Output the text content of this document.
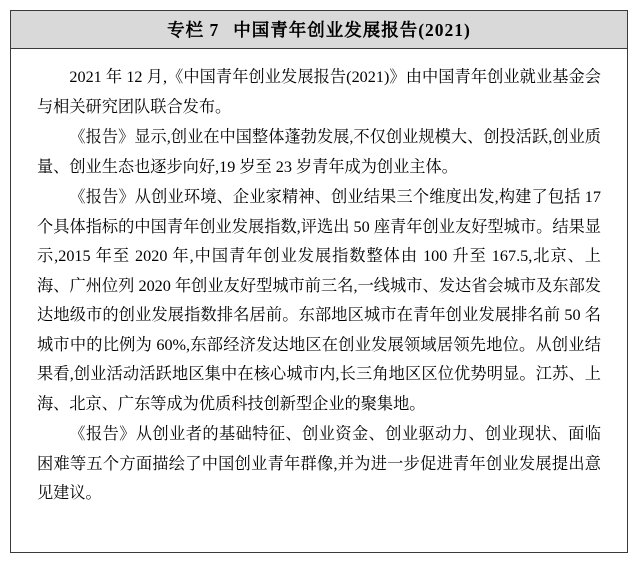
专栏 7 中国青年创业发展报告(2021)

2021 年 12 月,《中国青年创业发展报告(2021)》由中国青年创业就业基金会与相关研究团队联合发布。

《报告》显示,创业在中国整体蓬勃发展,不仅创业规模大、创投活跃,创业质量、创业生态也逐步向好,19 岁至 23 岁青年成为创业主体。

《报告》从创业环境、企业家精神、创业结果三个维度出发,构建了包括 17 个具体指标的中国青年创业发展指数,评选出 50 座青年创业友好型城市。结果显示,2015 年至 2020 年,中国青年创业发展指数整体由 100 升至 167.5,北京、上海、广州位列 2020 年创业友好型城市前三名,一线城市、发达省会城市及东部发达地级市的创业发展指数排名居前。东部地区城市在青年创业发展排名前 50 名城市中的比例为 60%,东部经济发达地区在创业发展领域居领先地位。从创业结果看,创业活动活跃地区集中在核心城市内,长三角地区区位优势明显。江苏、上海、北京、广东等成为优质科技创新型企业的聚集地。

《报告》从创业者的基础特征、创业资金、创业驱动力、创业现状、面临困难等五个方面描绘了中国创业青年群像,并为进一步促进青年创业发展提出意见建议。
